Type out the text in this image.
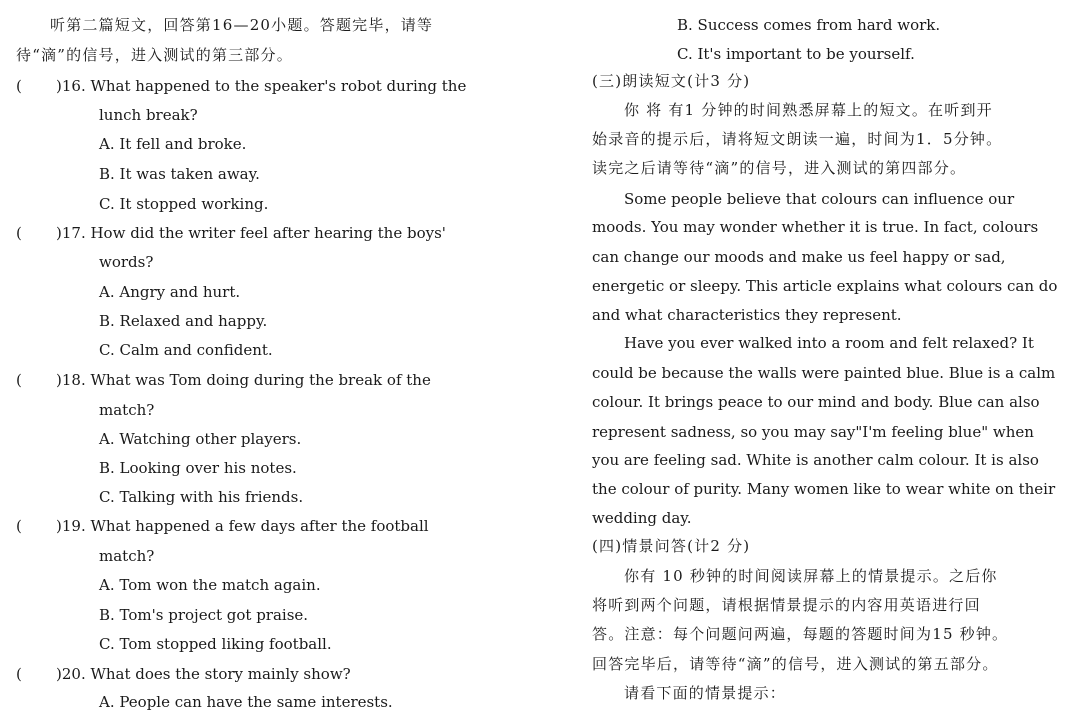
听第二篇短文，回答第16—20小题。答题完毕，请等
待“滴”的信号，进入测试的第三部分。
( )16. What happened to the speaker's robot during the
lunch break?
A. It fell and broke.
B. It was taken away.
C. It stopped working.
( )17. How did the writer feel after hearing the boys'
words?
A. Angry and hurt.
B. Relaxed and happy.
C. Calm and confident.
( )18. What was Tom doing during the break of the
match?
A. Watching other players.
B. Looking over his notes.
C. Talking with his friends.
( )19. What happened a few days after the football
match?
A. Tom won the match again.
B. Tom's project got praise.
C. Tom stopped liking football.
( )20. What does the story mainly show?
A. People can have the same interests.
B. Success comes from hard work.
C. It's important to be yourself.
(三)朗读短文(计3 分)
你 将 有1 分钟的时间熟悉屏幕上的短文。在听到开
始录音的提示后，请将短文朗读一遍，时间为1．5分钟。
读完之后请等待“滴”的信号，进入测试的第四部分。
Some people believe that colours can influence our
moods. You may wonder whether it is true. In fact, colours
can change our moods and make us feel happy or sad,
energetic or sleepy. This article explains what colours can do
and what characteristics they represent.
Have you ever walked into a room and felt relaxed? It
could be because the walls were painted blue. Blue is a calm
colour. It brings peace to our mind and body. Blue can also
represent sadness, so you may say"I'm feeling blue" when
you are feeling sad. White is another calm colour. It is also
the colour of purity. Many women like to wear white on their
wedding day.
(四)情景问答(计2 分)
你有 10 秒钟的时间阅读屏幕上的情景提示。之后你
将听到两个问题，请根据情景提示的内容用英语进行回
答。注意：每个问题问两遍，每题的答题时间为15 秒钟。
回答完毕后，请等待“滴”的信号，进入测试的第五部分。
请看下面的情景提示：
